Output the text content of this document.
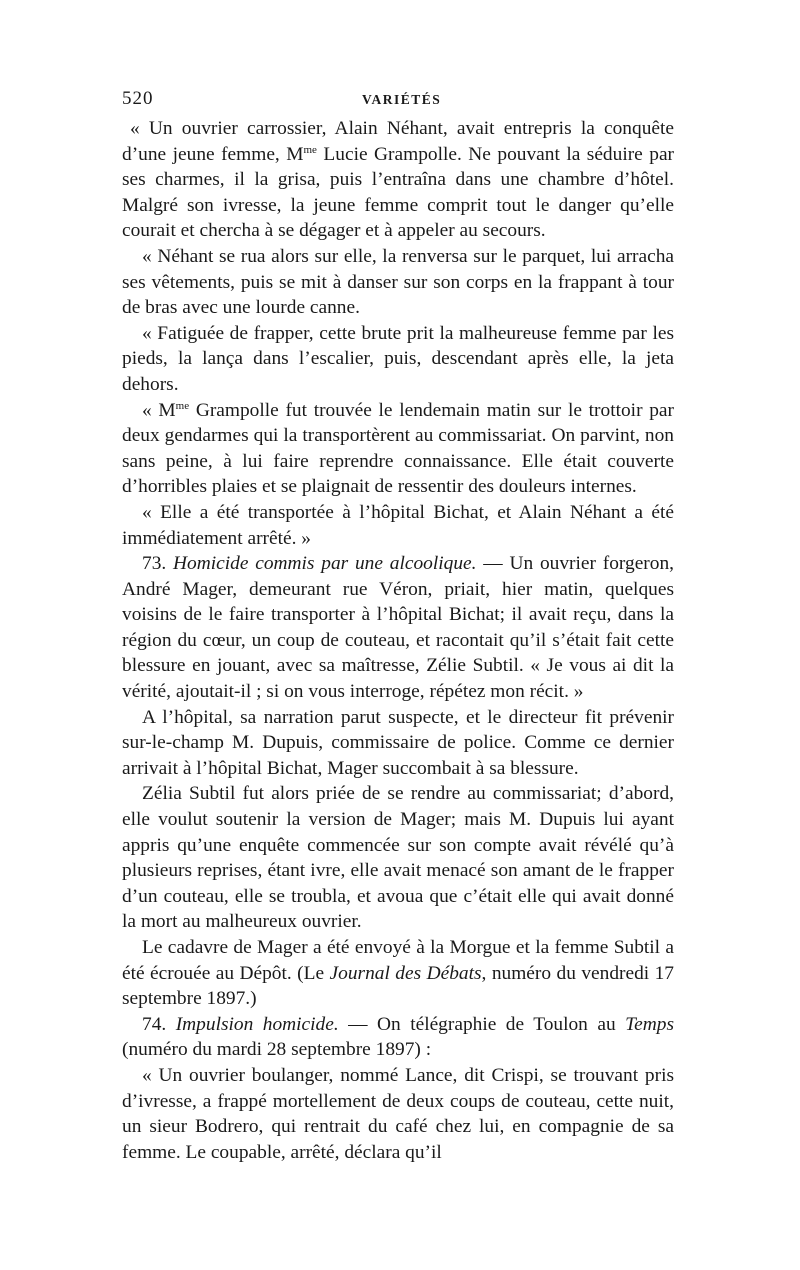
520	VARIÉTÉS

« Un ouvrier carrossier, Alain Néhant, avait entrepris la conquête d’une jeune femme, $M^{me}$ Lucie Grampolle. Ne pouvant la séduire par ses charmes, il la grisa, puis l’entraîna dans une chambre d’hôtel. Malgré son ivresse, la jeune femme comprit tout le danger qu’elle courait et chercha à se dégager et à appeler au secours.

« Néhant se rua alors sur elle, la renversa sur le parquet, lui arracha ses vêtements, puis se mit à danser sur son corps en la frappant à tour de bras avec une lourde canne.

« Fatiguée de frapper, cette brute prit la malheureuse femme par les pieds, la lança dans l’escalier, puis, descendant après elle, la jeta dehors.

« $M^{me}$ Grampolle fut trouvée le lendemain matin sur le trottoir par deux gendarmes qui la transportèrent au commissariat. On parvint, non sans peine, à lui faire reprendre connaissance. Elle était couverte d’horribles plaies et se plaignait de ressentir des douleurs internes.

« Elle a été transportée à l’hôpital Bichat, et Alain Néhant a été immédiatement arrêté. »

73. Homicide commis par une alcoolique. — Un ouvrier forgeron, André Mager, demeurant rue Véron, priait, hier matin, quelques voisins de le faire transporter à l’hôpital Bichat; il avait reçu, dans la région du cœur, un coup de couteau, et racontait qu’il s’était fait cette blessure en jouant, avec sa maîtresse, Zélie Subtil. « Je vous ai dit la vérité, ajoutait-il ; si on vous interroge, répétez mon récit. »

A l’hôpital, sa narration parut suspecte, et le directeur fit prévenir sur-le-champ M. Dupuis, commissaire de police. Comme ce dernier arrivait à l’hôpital Bichat, Mager succombait à sa blessure.

Zélia Subtil fut alors priée de se rendre au commissariat; d’abord, elle voulut soutenir la version de Mager; mais M. Dupuis lui ayant appris qu’une enquête commencée sur son compte avait révélé qu’à plusieurs reprises, étant ivre, elle avait menacé son amant de le frapper d’un couteau, elle se troubla, et avoua que c’était elle qui avait donné la mort au malheureux ouvrier.

Le cadavre de Mager a été envoyé à la Morgue et la femme Subtil a été écrouée au Dépôt. (Le Journal des Débats, numéro du vendredi 17 septembre 1897.)

74. Impulsion homicide. — On télégraphie de Toulon au Temps (numéro du mardi 28 septembre 1897) :

« Un ouvrier boulanger, nommé Lance, dit Crispi, se trouvant pris d’ivresse, a frappé mortellement de deux coups de couteau, cette nuit, un sieur Bodrero, qui rentrait du café chez lui, en compagnie de sa femme. Le coupable, arrêté, déclara qu’il
